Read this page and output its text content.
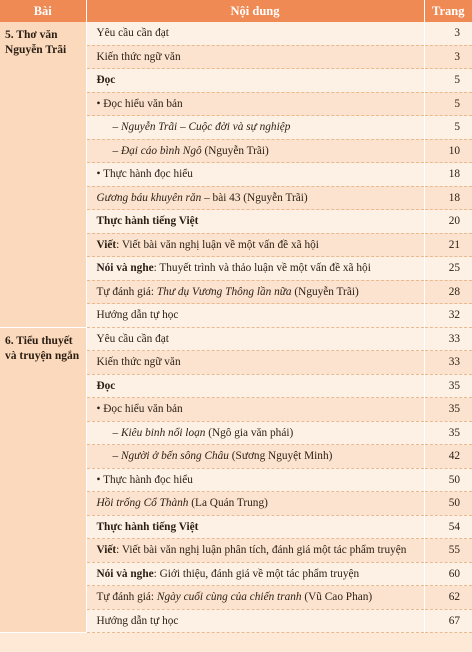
Bài	Nội dung	Trang
5. Thơ văn Nguyễn Trãi	Yêu cầu cần đạt	3
	Kiến thức ngữ văn	3
	Đọc	5
	• Đọc hiểu văn bản	5
	– Nguyễn Trãi – Cuộc đời và sự nghiệp	5
	– Đại cáo bình Ngô (Nguyễn Trãi)	10
	• Thực hành đọc hiểu	18
	Gương báu khuyên răn – bài 43 (Nguyễn Trãi)	18
	Thực hành tiếng Việt	20
	Viết: Viết bài văn nghị luận về một vấn đề xã hội	21
	Nói và nghe: Thuyết trình và thảo luận về một vấn đề xã hội	25
	Tự đánh giá: Thư dụ Vương Thông lần nữa (Nguyễn Trãi)	28
	Hướng dẫn tự học	32
6. Tiểu thuyết và truyện ngắn	Yêu cầu cần đạt	33
	Kiến thức ngữ văn	33
	Đọc	35
	• Đọc hiểu văn bản	35
	– Kiêu binh nổi loạn (Ngô gia văn phái)	35
	– Người ở bến sông Châu (Sương Nguyệt Minh)	42
	• Thực hành đọc hiểu	50
	Hồi trống Cổ Thành (La Quán Trung)	50
	Thực hành tiếng Việt	54
	Viết: Viết bài văn nghị luận phân tích, đánh giá một tác phẩm truyện	55
	Nói và nghe: Giới thiệu, đánh giá về một tác phẩm truyện	60
	Tự đánh giá: Ngày cuối cùng của chiến tranh (Vũ Cao Phan)	62
	Hướng dẫn tự học	67
